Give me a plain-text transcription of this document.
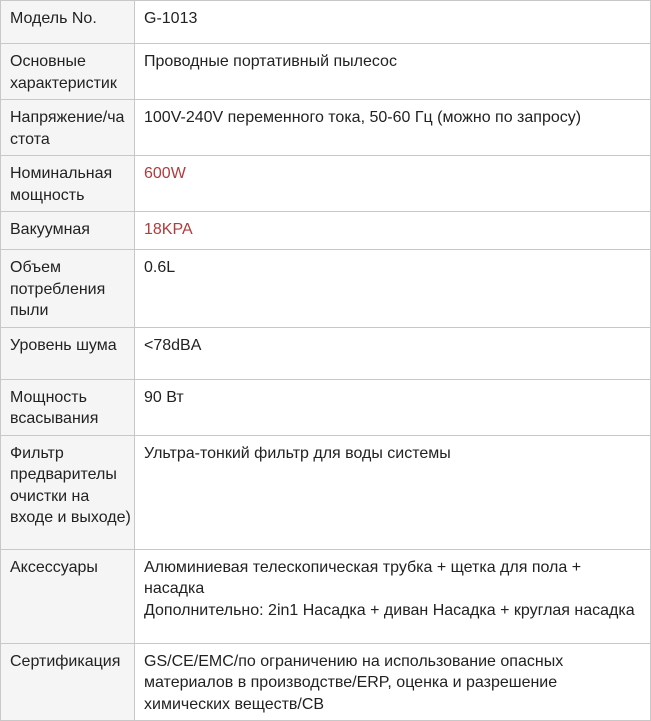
Модель No.	G-1013

Основные характеристик	Проводные портативный пылесос

Напряжение/частота	100V-240V переменного тока, 50-60 Гц (можно по запросу)

Номинальная мощность	600W

Вакуумная	18KPA

Объем потребления пыли	0.6L

Уровень шума	<78dBA

Мощность всасывания	90 Вт

Фильтр предварителы очистки на входе и выходе)	Ультра-тонкий фильтр для воды системы

Аксессуары	Алюминиевая телескопическая трубка + щетка для пола + насадка
Дополнительно: 2in1 Насадка + диван Насадка + круглая насадка

Сертификация	GS/CE/EMC/по ограничению на использование опасных материалов в производстве/ERP, оценка и разрешение химических веществ/CB
